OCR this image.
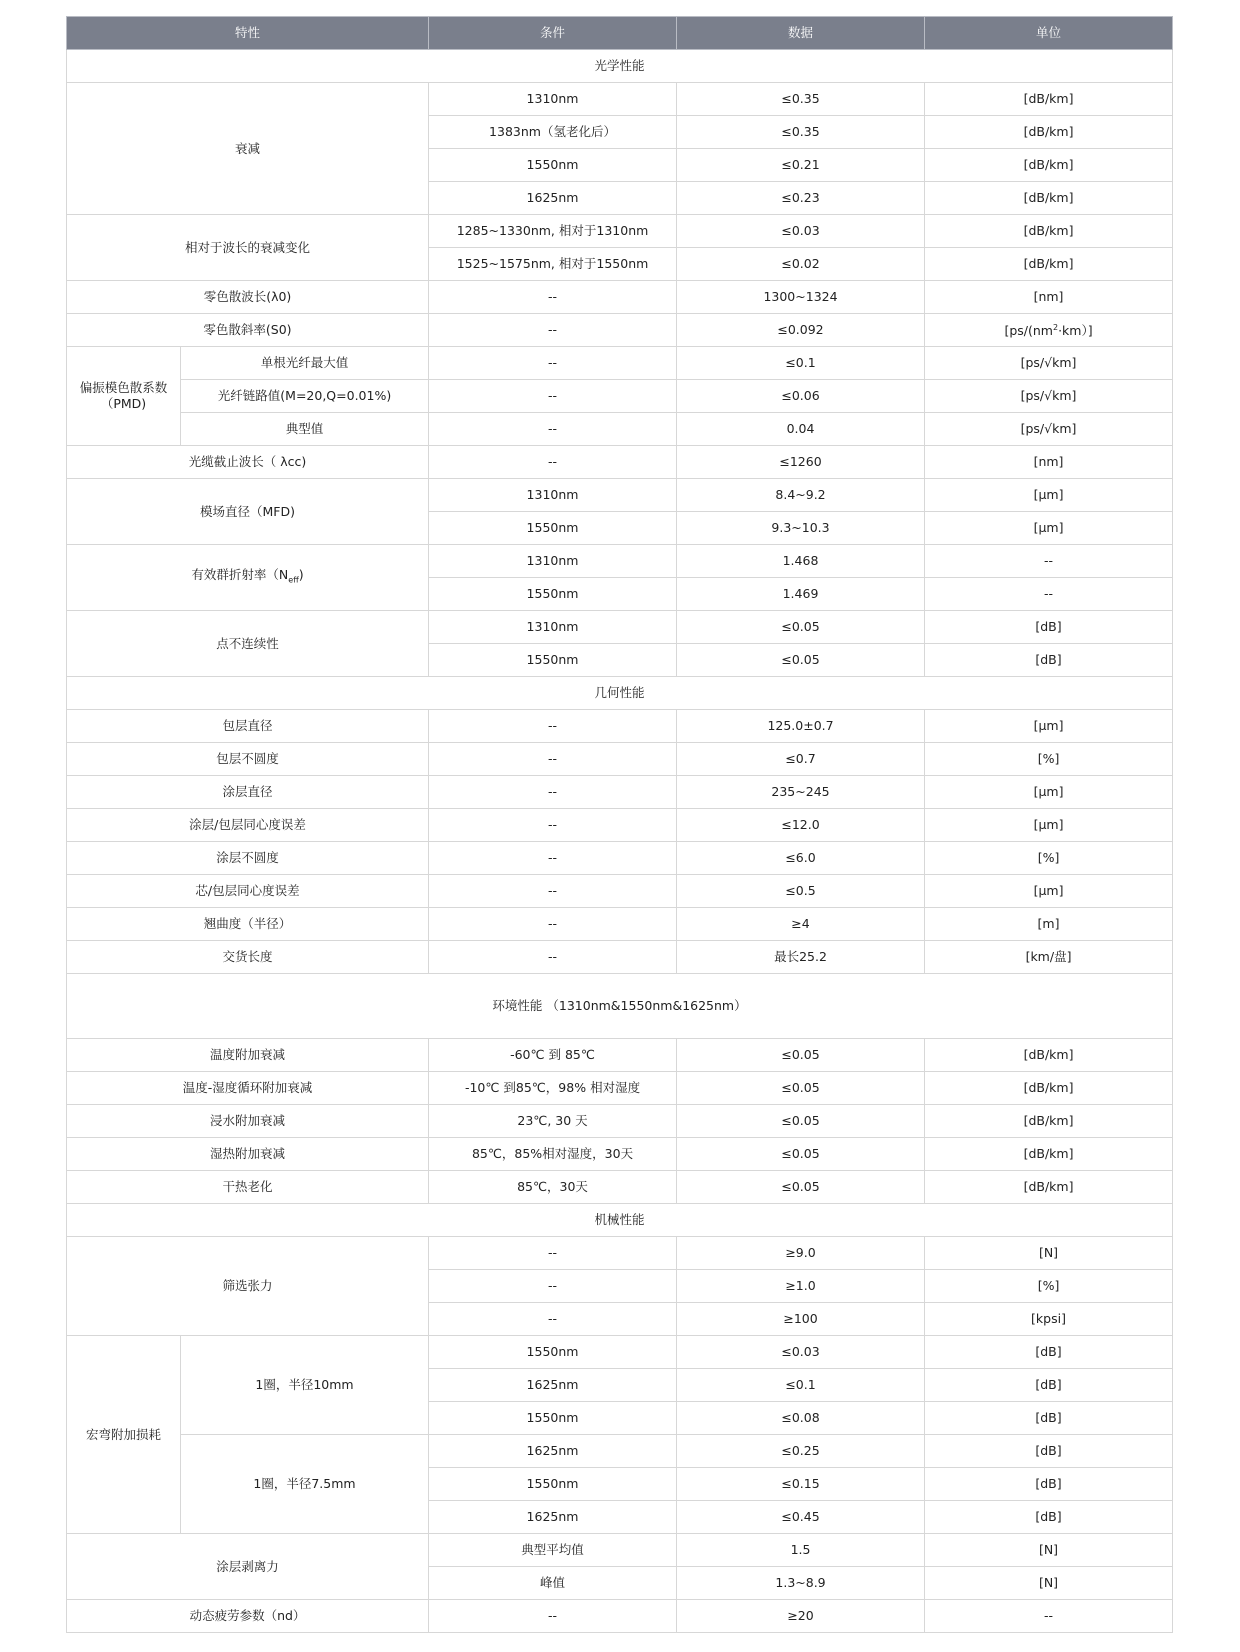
特性		条件	数据	单位
光学性能				
衰减		1310nm	≤0.35	[dB/km]
		1383nm（氢老化后）	≤0.35	[dB/km]
		1550nm	≤0.21	[dB/km]
		1625nm	≤0.23	[dB/km]
相对于波长的衰减变化		1285~1330nm, 相对于1310nm	≤0.03	[dB/km]
		1525~1575nm, 相对于1550nm	≤0.02	[dB/km]
零色散波长(λ0)		--	1300~1324	[nm]
零色散斜率(S0)		--	≤0.092	$[ps/(nm^2\cdot km)]$
偏振模色散系数（PMD)	单根光纤最大值	--	≤0.1	[ps/√km]
	光纤链路值(M=20,Q=0.01%)	--	≤0.06	[ps/√km]
	典型值	--	0.04	[ps/√km]
光缆截止波长（ λcc)		--	≤1260	[nm]
模场直径（MFD)		1310nm	8.4~9.2	[μm]
		1550nm	9.3~10.3	[μm]
有效群折射率$(N_{eff})$		1310nm	1.468	--
		1550nm	1.469	--
点不连续性		1310nm	≤0.05	[dB]
		1550nm	≤0.05	[dB]
几何性能				
包层直径		--	125.0±0.7	[μm]
包层不圆度		--	≤0.7	[%]
涂层直径		--	235~245	[μm]
涂层/包层同心度误差		--	≤12.0	[μm]
涂层不圆度		--	≤6.0	[%]
芯/包层同心度误差		--	≤0.5	[μm]
翘曲度（半径）		--	≥4	[m]
交货长度		--	最长25.2	[km/盘]
环境性能 （1310nm&1550nm&1625nm）				
温度附加衰减		-60℃ 到 85℃	≤0.05	[dB/km]
温度-湿度循环附加衰减		-10℃ 到85℃，98% 相对湿度	≤0.05	[dB/km]
浸水附加衰减		23℃, 30 天	≤0.05	[dB/km]
湿热附加衰减		85℃，85%相对湿度，30天	≤0.05	[dB/km]
干热老化		85℃，30天	≤0.05	[dB/km]
机械性能				
筛选张力		--	≥9.0	[N]
		--	≥1.0	[%]
		--	≥100	[kpsi]
宏弯附加损耗	1圈，半径10mm	1550nm	≤0.03	[dB]
		1625nm	≤0.1	[dB]
		1550nm	≤0.08	[dB]
	1圈，半径7.5mm	1625nm	≤0.25	[dB]
		1550nm	≤0.15	[dB]
		1625nm	≤0.45	[dB]
涂层剥离力		典型平均值	1.5	[N]
		峰值	1.3~8.9	[N]
动态疲劳参数（nd）		--	≥20	--
